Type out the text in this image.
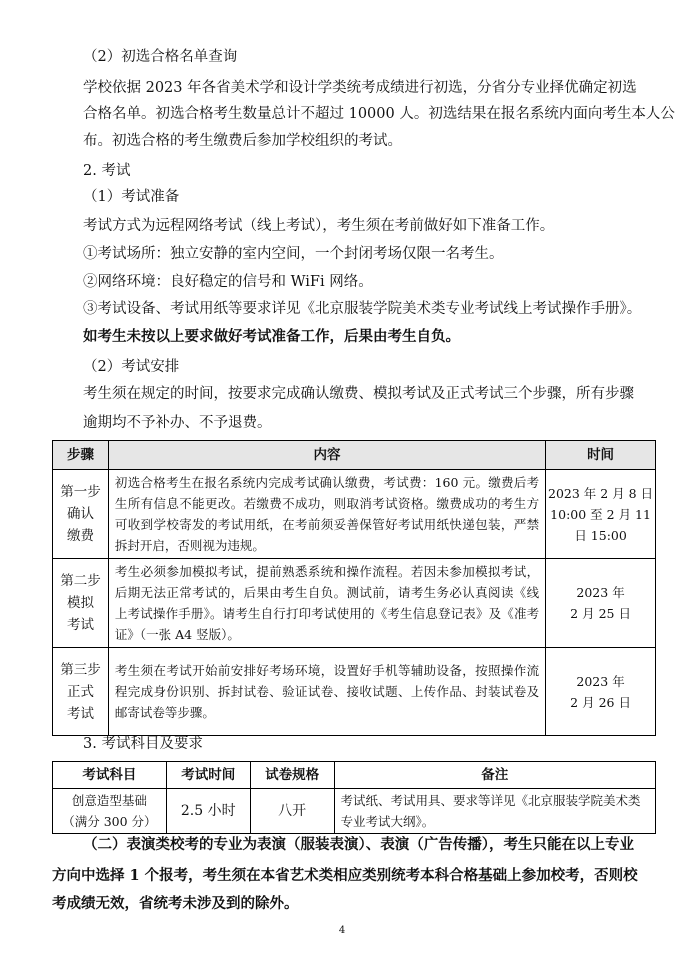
（2）初选合格名单查询
学校依据 2023 年各省美术学和设计学类统考成绩进行初选，分省分专业择优确定初选
合格名单。初选合格考生数量总计不超过 10000 人。初选结果在报名系统内面向考生本人公
布。初选合格的考生缴费后参加学校组织的考试。
2. 考试
（1）考试准备
考试方式为远程网络考试（线上考试），考生须在考前做好如下准备工作。
①考试场所：独立安静的室内空间，一个封闭考场仅限一名考生。
②网络环境：良好稳定的信号和 WiFi 网络。
③考试设备、考试用纸等要求详见《北京服装学院美术类专业考试线上考试操作手册》。
如考生未按以上要求做好考试准备工作，后果由考生自负。
（2）考试安排
考生须在规定的时间，按要求完成确认缴费、模拟考试及正式考试三个步骤，所有步骤
逾期均不予补办、不予退费。
步骤	内容	时间
第一步
确认
缴费	初选合格考生在报名系统内完成考试确认缴费，考试费：160 元。缴费后考生所有信息不能更改。若缴费不成功，则取消考试资格。缴费成功的考生方可收到学校寄发的考试用纸，在考前须妥善保管好考试用纸快递包装，严禁拆封开启，否则视为违规。	2023 年 2 月 8 日
10:00 至 2 月 11
日 15:00
第二步
模拟
考试	考生必须参加模拟考试，提前熟悉系统和操作流程。若因未参加模拟考试，后期无法正常考试的，后果由考生自负。测试前，请考生务必认真阅读《线上考试操作手册》。请考生自行打印考试使用的《考生信息登记表》及《准考证》（一张 A4 竖版）。	2023 年
2 月 25 日
第三步
正式
考试	考生须在考试开始前安排好考场环境，设置好手机等辅助设备，按照操作流程完成身份识别、拆封试卷、验证试卷、接收试题、上传作品、封装试卷及邮寄试卷等步骤。	2023 年
2 月 26 日
3. 考试科目及要求
考试科目	考试时间	试卷规格	备注
创意造型基础
（满分 300 分）	2.5 小时	八开	考试纸、考试用具、要求等详见《北京服装学院美术类专业考试大纲》。
（二）表演类校考的专业为表演（服装表演）、表演（广告传播），考生只能在以上专业
方向中选择 1 个报考，考生须在本省艺术类相应类别统考本科合格基础上参加校考，否则校
考成绩无效，省统考未涉及到的除外。
4
